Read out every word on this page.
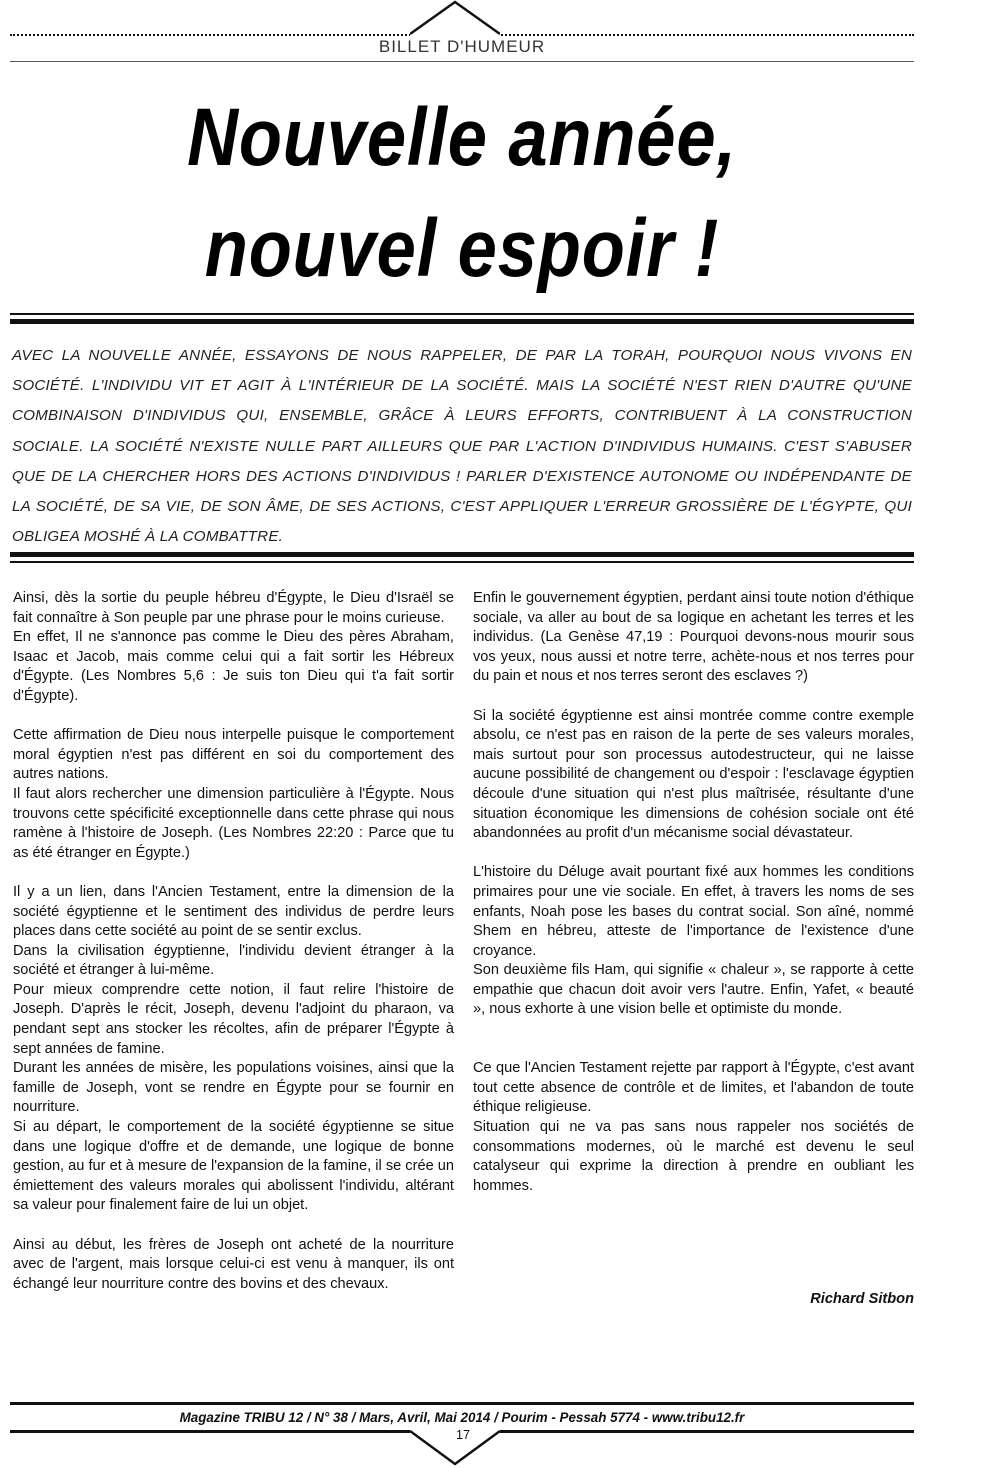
BILLET D'HUMEUR
Nouvelle année,
nouvel espoir !
AVEC LA NOUVELLE ANNÉE, ESSAYONS DE NOUS RAPPELER, DE PAR LA TORAH, POURQUOI NOUS VIVONS EN SOCIÉTÉ. L'INDIVIDU VIT ET AGIT À L'INTÉRIEUR DE LA SOCIÉTÉ. MAIS LA SOCIÉTÉ N'EST RIEN D'AUTRE QU'UNE COMBINAISON D'INDIVIDUS QUI, ENSEMBLE, GRÂCE À LEURS EFFORTS, CONTRIBUENT À LA CONSTRUCTION SOCIALE. LA SOCIÉTÉ N'EXISTE NULLE PART AILLEURS QUE PAR L'ACTION D'INDIVIDUS HUMAINS. C'EST S'ABUSER QUE DE LA CHERCHER HORS DES ACTIONS D'INDIVIDUS ! PARLER D'EXISTENCE AUTONOME OU INDÉPENDANTE DE LA SOCIÉTÉ, DE SA VIE, DE SON ÂME, DE SES ACTIONS, C'EST APPLIQUER L'ERREUR GROSSIÈRE DE L'ÉGYPTE, QUI OBLIGEA MOSHÉ À LA COMBATTRE.

Ainsi, dès la sortie du peuple hébreu d'Égypte, le Dieu d'Israël se fait connaître à Son peuple par une phrase pour le moins curieuse.

En effet, Il ne s'annonce pas comme le Dieu des pères Abraham, Isaac et Jacob, mais comme celui qui a fait sortir les Hébreux d'Égypte. (Les Nombres 5,6 : Je suis ton Dieu qui t'a fait sortir d'Égypte).

Cette affirmation de Dieu nous interpelle puisque le comportement moral égyptien n'est pas différent en soi du comportement des autres nations.

Il faut alors rechercher une dimension particulière à l'Égypte. Nous trouvons cette spécificité exceptionnelle dans cette phrase qui nous ramène à l'histoire de Joseph. (Les Nombres 22:20 : Parce que tu as été étranger en Égypte.)

Il y a un lien, dans l'Ancien Testament, entre la dimension de la société égyptienne et le sentiment des individus de perdre leurs places dans cette société au point de se sentir exclus.

Dans la civilisation égyptienne, l'individu devient étranger à la société et étranger à lui-même.

Pour mieux comprendre cette notion, il faut relire l'histoire de Joseph. D'après le récit, Joseph, devenu l'adjoint du pharaon, va pendant sept ans stocker les récoltes, afin de préparer l'Égypte à sept années de famine.

Durant les années de misère, les populations voisines, ainsi que la famille de Joseph, vont se rendre en Égypte pour se fournir en nourriture.

Si au départ, le comportement de la société égyptienne se situe dans une logique d'offre et de demande, une logique de bonne gestion, au fur et à mesure de l'expansion de la famine, il se crée un émiettement des valeurs morales qui abolissent l'individu, altérant sa valeur pour finalement faire de lui un objet.

Ainsi au début, les frères de Joseph ont acheté de la nourriture avec de l'argent, mais lorsque celui-ci est venu à manquer, ils ont échangé leur nourriture contre des bovins et des chevaux.

Enfin le gouvernement égyptien, perdant ainsi toute notion d'éthique sociale, va aller au bout de sa logique en achetant les terres et les individus. (La Genèse 47,19 : Pourquoi devons-nous mourir sous vos yeux, nous aussi et notre terre, achète-nous et nos terres pour du pain et nous et nos terres seront des esclaves ?)

Si la société égyptienne est ainsi montrée comme contre exemple absolu, ce n'est pas en raison de la perte de ses valeurs morales, mais surtout pour son processus autodestructeur, qui ne laisse aucune possibilité de changement ou d'espoir : l'esclavage égyptien découle d'une situation qui n'est plus maîtrisée, résultante d'une situation économique les dimensions de cohésion sociale ont été abandonnées au profit d'un mécanisme social dévastateur.

L'histoire du Déluge avait pourtant fixé aux hommes les conditions primaires pour une vie sociale. En effet, à travers les noms de ses enfants, Noah pose les bases du contrat social. Son aîné, nommé Shem en hébreu, atteste de l'importance de l'existence d'une croyance.

Son deuxième fils Ham, qui signifie « chaleur », se rapporte à cette empathie que chacun doit avoir vers l'autre. Enfin, Yafet, « beauté », nous exhorte à une vision belle et optimiste du monde.

Ce que l'Ancien Testament rejette par rapport à l'Égypte, c'est avant tout cette absence de contrôle et de limites, et l'abandon de toute éthique religieuse.

Situation qui ne va pas sans nous rappeler nos sociétés de consommations modernes, où le marché est devenu le seul catalyseur qui exprime la direction à prendre en oubliant les hommes.

Richard Sitbon
Magazine TRIBU 12 / N° 38 / Mars, Avril, Mai 2014 / Pourim - Pessah 5774 - www.tribu12.fr
17
